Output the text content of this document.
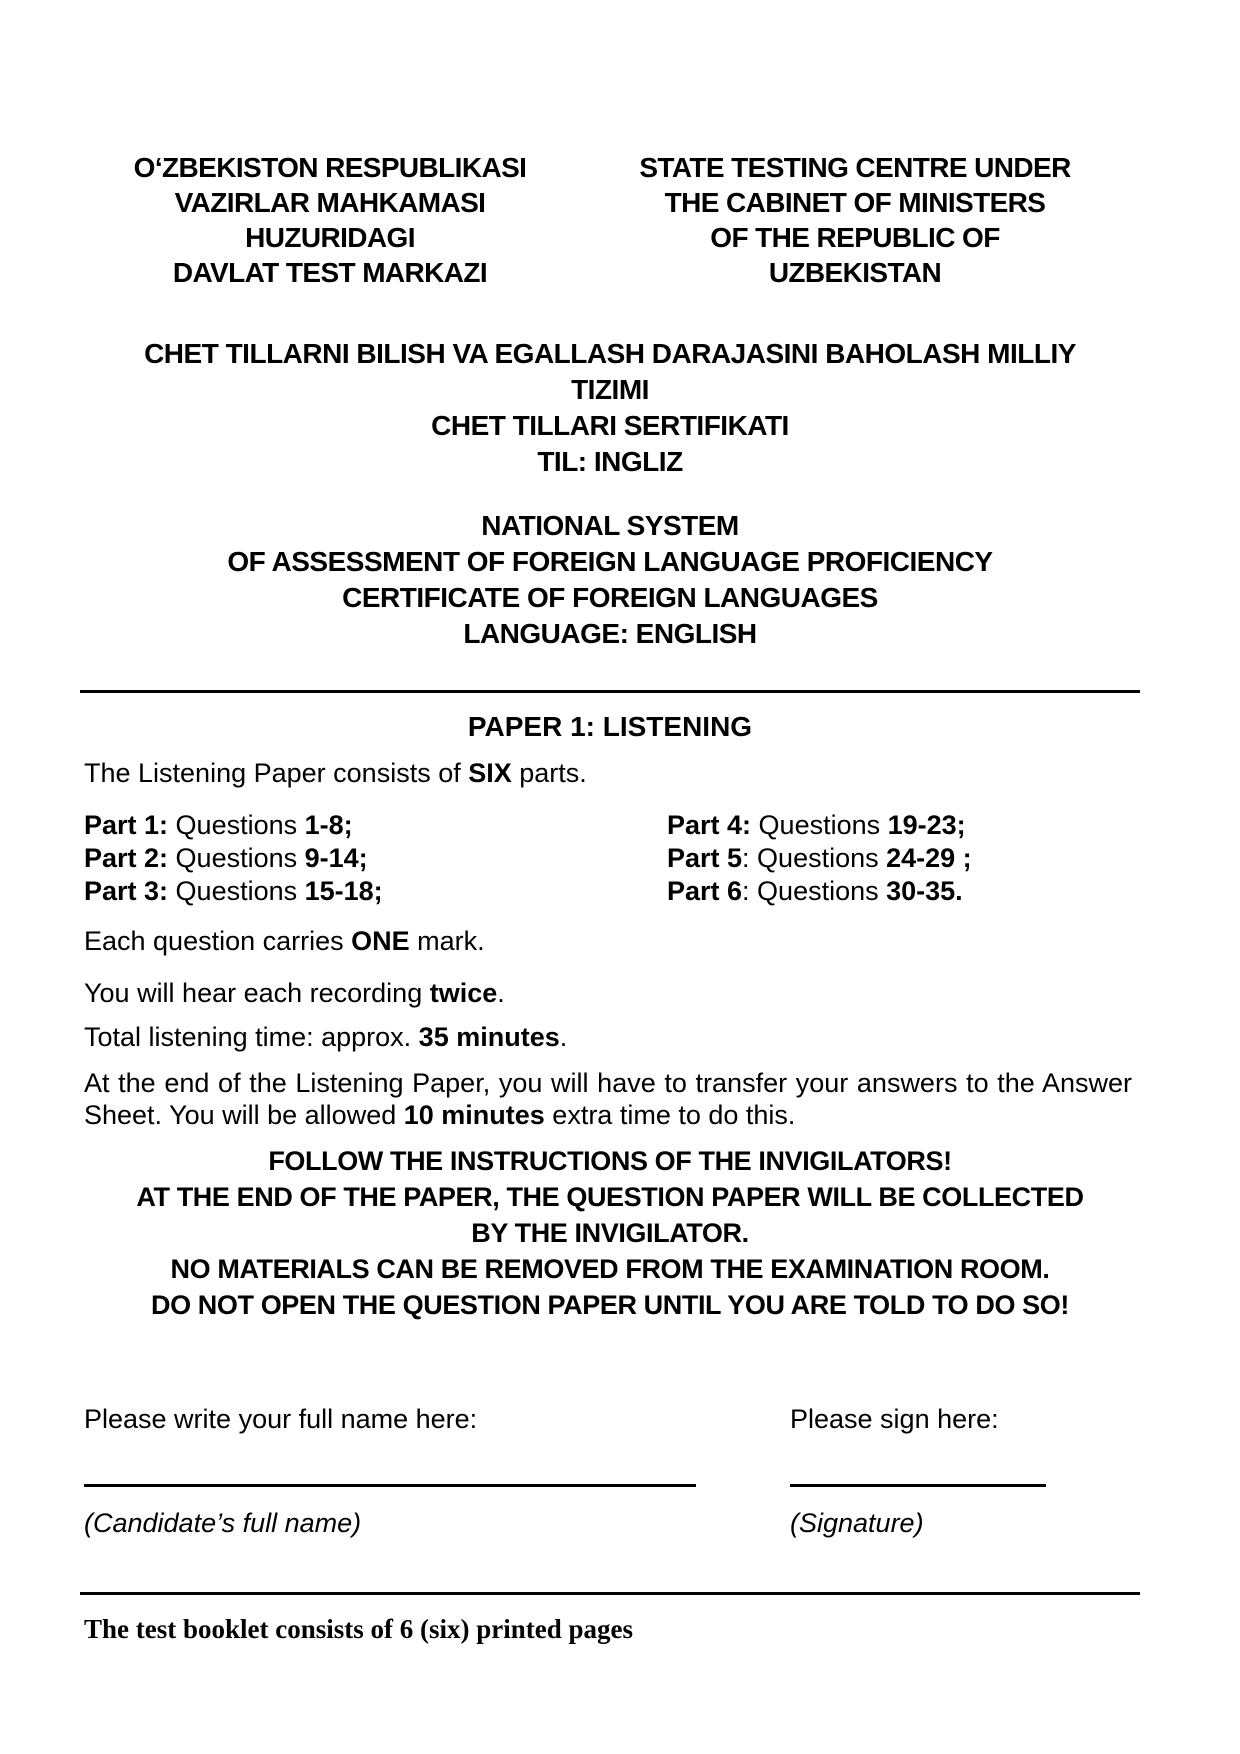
O‘ZBEKISTON RESPUBLIKASI
VAZIRLAR MAHKAMASI
HUZURIDAGI
DAVLAT TEST MARKAZI
STATE TESTING CENTRE UNDER
THE CABINET OF MINISTERS
OF THE REPUBLIC OF
UZBEKISTAN
CHET TILLARNI BILISH VA EGALLASH DARAJASINI BAHOLASH MILLIY
TIZIMI
CHET TILLARI SERTIFIKATI
TIL: INGLIZ
NATIONAL SYSTEM
OF ASSESSMENT OF FOREIGN LANGUAGE PROFICIENCY
CERTIFICATE OF FOREIGN LANGUAGES
LANGUAGE: ENGLISH
PAPER 1: LISTENING
The Listening Paper consists of SIX parts.
Part 1: Questions 1-8;
Part 2: Questions 9-14;
Part 3: Questions 15-18;
Part 4: Questions 19-23;
Part 5: Questions 24-29 ;
Part 6: Questions 30-35.
Each question carries ONE mark.
You will hear each recording twice.
Total listening time: approx. 35 minutes.
At the end of the Listening Paper, you will have to transfer your answers to the Answer Sheet. You will be allowed 10 minutes extra time to do this.
FOLLOW THE INSTRUCTIONS OF THE INVIGILATORS!
AT THE END OF THE PAPER, THE QUESTION PAPER WILL BE COLLECTED
BY THE INVIGILATOR.
NO MATERIALS CAN BE REMOVED FROM THE EXAMINATION ROOM.
DO NOT OPEN THE QUESTION PAPER UNTIL YOU ARE TOLD TO DO SO!
Please write your full name here:	Please sign here:
(Candidate’s full name)	(Signature)
The test booklet consists of 6 (six) printed pages
